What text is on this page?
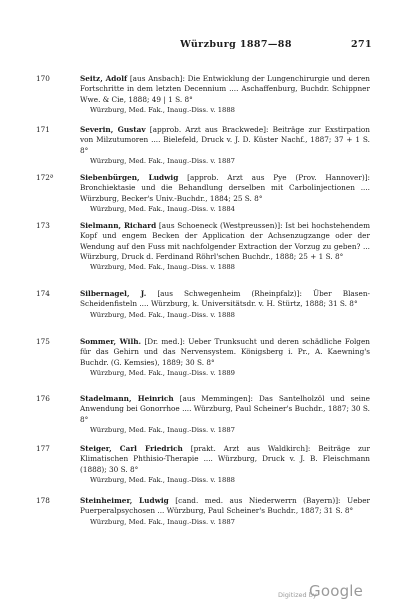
Würzburg 1887—88	271
170	Seitz, Adolf [aus Ansbach]: Die Entwicklung der Lungenchirurgie und deren Fortschritte in dem letzten Decennium .... Aschaffenburg, Buchdr. Schippner Wwe. & Cie, 1888; 49 | 1 S. 8°
Würzburg, Med. Fak., Inaug.-Diss. v. 1888
171	Severin, Gustav [approb. Arzt aus Brackwede]: Beiträge zur Exstirpation von Milzutumoren .... Bielefeld, Druck v. J. D. Küster Nachf., 1887; 37 + 1 S. 8°
Würzburg, Med. Fak., Inaug.-Diss. v. 1887
172ª	Siebenbürgen, Ludwig [approb. Arzt aus Pye (Prov. Hannover)]: Bronchiektasie und die Behandlung derselben mit Carbolinjectionen .... Würzburg, Becker's Univ.-Buchdr., 1884; 25 S. 8°
Würzburg, Med. Fak., Inaug.-Diss. v. 1884
173	Sielmann, Richard [aus Schoeneck (Westpreussen)]: Ist bei hochstehendem Kopf und engem Becken der Application der Achsenzugzange oder der Wendung auf den Fuss mit nachfolgender Extraction der Vorzug zu geben? ... Würzburg, Druck d. Ferdinand Röhrl'schen Buchdr., 1888; 25 + 1 S. 8°
Würzburg, Med. Fak., Inaug.-Diss. v. 1888
174	Silbernagel, J. [aus Schwegenheim (Rheinpfalz)]: Über Blasen-Scheidenfisteln .... Würzburg, k. Universitätsdr. v. H. Stürtz, 1888; 31 S. 8°
Würzburg, Med. Fak., Inaug.-Diss. v. 1888
175	Sommer, Wilh. [Dr. med.]: Ueber Trunksucht und deren schädliche Folgen für das Gehirn und das Nervensystem. Königsberg i. Pr., A. Kaewning's Buchdr. (G. Kemsies), 1889; 30 S. 8°
Würzburg, Med. Fak., Inaug.-Diss. v. 1889
176	Stadelmann, Heinrich [aus Memmingen]: Das Santelholzöl und seine Anwendung bei Gonorrhoe .... Würzburg, Paul Scheiner's Buchdr., 1887; 30 S. 8°
Würzburg, Med. Fak., Inaug.-Diss. v. 1887
177	Steiger, Carl Friedrich [prakt. Arzt aus Waldkirch]: Beiträge zur Klimatischen Phthisio-Therapie .... Würzburg, Druck v. J. B. Fleischmann (1888); 30 S. 8°
Würzburg, Med. Fak., Inaug.-Diss. v. 1888
178	Steinheimer, Ludwig [cand. med. aus Niederwerrn (Bayern)]: Ueber Puerperalpsychosen ... Würzburg, Paul Scheiner's Buchdr., 1887; 31 S. 8°
Würzburg, Med. Fak., Inaug.-Diss. v. 1887
Digitized by
Google
